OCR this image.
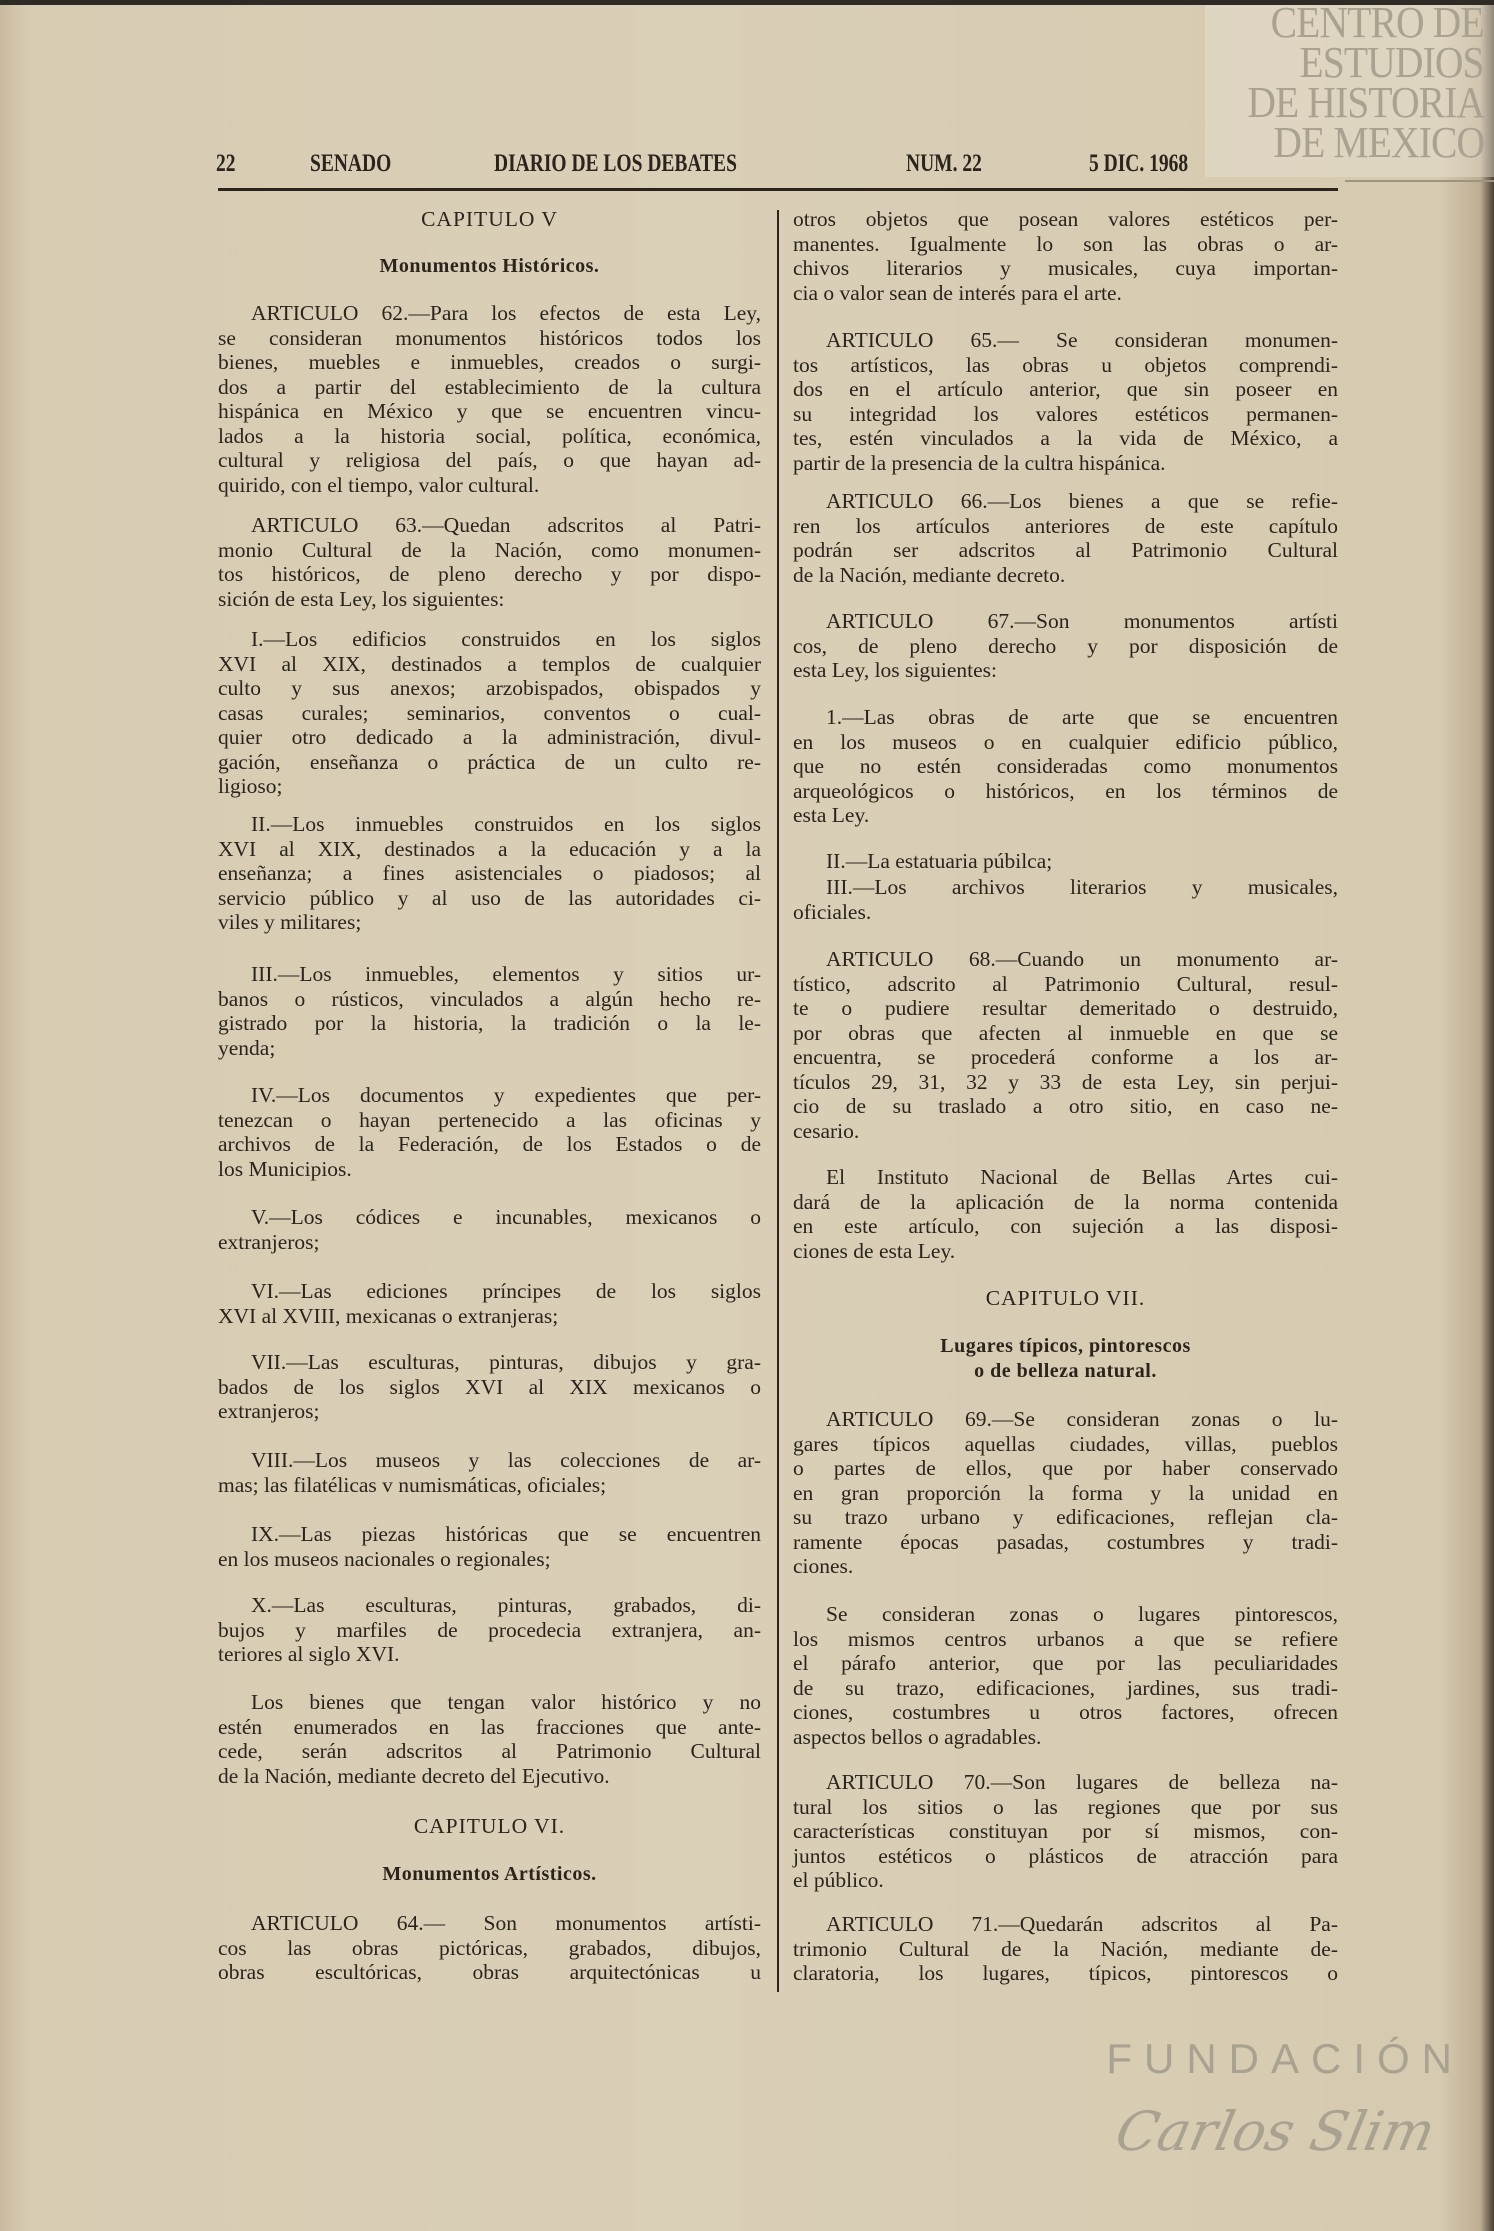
CENTRO DE
ESTUDIOS
DE HISTORIA
DE MEXICO
FUNDACIÓN
Carlos Slim
22	SENADO	DIARIO DE LOS DEBATES	NUM. 22	5 DIC. 1968
CAPITULO V
Monumentos Históricos.
ARTICULO 62.—Para los efectos de esta Ley,
se consideran monumentos históricos todos los
bienes, muebles e inmuebles, creados o surgi-
dos a partir del establecimiento de la cultura
hispánica en México y que se encuentren vincu-
lados a la historia social, política, económica,
cultural y religiosa del país, o que hayan ad-
quirido, con el tiempo, valor cultural.
ARTICULO 63.—Quedan adscritos al Patri-
monio Cultural de la Nación, como monumen-
tos históricos, de pleno derecho y por dispo-
sición de esta Ley, los siguientes:
I.—Los edificios construidos en los siglos
XVI al XIX, destinados a templos de cualquier
culto y sus anexos; arzobispados, obispados y
casas curales; seminarios, conventos o cual-
quier otro dedicado a la administración, divul-
gación, enseñanza o práctica de un culto re-
ligioso;
II.—Los inmuebles construidos en los siglos
XVI al XIX, destinados a la educación y a la
enseñanza; a fines asistenciales o piadosos; al
servicio público y al uso de las autoridades ci-
viles y militares;
III.—Los inmuebles, elementos y sitios ur-
banos o rústicos, vinculados a algún hecho re-
gistrado por la historia, la tradición o la le-
yenda;
IV.—Los documentos y expedientes que per-
tenezcan o hayan pertenecido a las oficinas y
archivos de la Federación, de los Estados o de
los Municipios.
V.—Los códices e incunables, mexicanos o
extranjeros;
VI.—Las ediciones príncipes de los siglos
XVI al XVIII, mexicanas o extranjeras;
VII.—Las esculturas, pinturas, dibujos y gra-
bados de los siglos XVI al XIX mexicanos o
extranjeros;
VIII.—Los museos y las colecciones de ar-
mas; las filatélicas v numismáticas, oficiales;
IX.—Las piezas históricas que se encuentren
en los museos nacionales o regionales;
X.—Las esculturas, pinturas, grabados, di-
bujos y marfiles de procedecia extranjera, an-
teriores al siglo XVI.
Los bienes que tengan valor histórico y no
estén enumerados en las fracciones que ante-
cede, serán adscritos al Patrimonio Cultural
de la Nación, mediante decreto del Ejecutivo.
CAPITULO VI.
Monumentos Artísticos.
ARTICULO 64.— Son monumentos artísti-
cos las obras pictóricas, grabados, dibujos,
obras escultóricas, obras arquitectónicas u
otros objetos que posean valores estéticos per-
manentes. Igualmente lo son las obras o ar-
chivos literarios y musicales, cuya importan-
cia o valor sean de interés para el arte.
ARTICULO 65.— Se consideran monumen-
tos artísticos, las obras u objetos comprendi-
dos en el artículo anterior, que sin poseer en
su integridad los valores estéticos permanen-
tes, estén vinculados a la vida de México, a
partir de la presencia de la cultra hispánica.
ARTICULO 66.—Los bienes a que se refie-
ren los artículos anteriores de este capítulo
podrán ser adscritos al Patrimonio Cultural
de la Nación, mediante decreto.
ARTICULO 67.—Son monumentos artísti
cos, de pleno derecho y por disposición de
esta Ley, los siguientes:
1.—Las obras de arte que se encuentren
en los museos o en cualquier edificio público,
que no estén consideradas como monumentos
arqueológicos o históricos, en los términos de
esta Ley.
II.—La estatuaria púbilca;
III.—Los archivos literarios y musicales,
oficiales.
ARTICULO 68.—Cuando un monumento ar-
tístico, adscrito al Patrimonio Cultural, resul-
te o pudiere resultar demeritado o destruido,
por obras que afecten al inmueble en que se
encuentra, se procederá conforme a los ar-
tículos 29, 31, 32 y 33 de esta Ley, sin perjui-
cio de su traslado a otro sitio, en caso ne-
cesario.
El Instituto Nacional de Bellas Artes cui-
dará de la aplicación de la norma contenida
en este artículo, con sujeción a las disposi-
ciones de esta Ley.
CAPITULO VII.
Lugares típicos, pintorescos
o de belleza natural.
ARTICULO 69.—Se consideran zonas o lu-
gares típicos aquellas ciudades, villas, pueblos
o partes de ellos, que por haber conservado
en gran proporción la forma y la unidad en
su trazo urbano y edificaciones, reflejan cla-
ramente épocas pasadas, costumbres y tradi-
ciones.
Se consideran zonas o lugares pintorescos,
los mismos centros urbanos a que se refiere
el párafo anterior, que por las peculiaridades
de su trazo, edificaciones, jardines, sus tradi-
ciones, costumbres u otros factores, ofrecen
aspectos bellos o agradables.
ARTICULO 70.—Son lugares de belleza na-
tural los sitios o las regiones que por sus
características constituyan por sí mismos, con-
juntos estéticos o plásticos de atracción para
el público.
ARTICULO 71.—Quedarán adscritos al Pa-
trimonio Cultural de la Nación, mediante de-
claratoria, los lugares, típicos, pintorescos o
